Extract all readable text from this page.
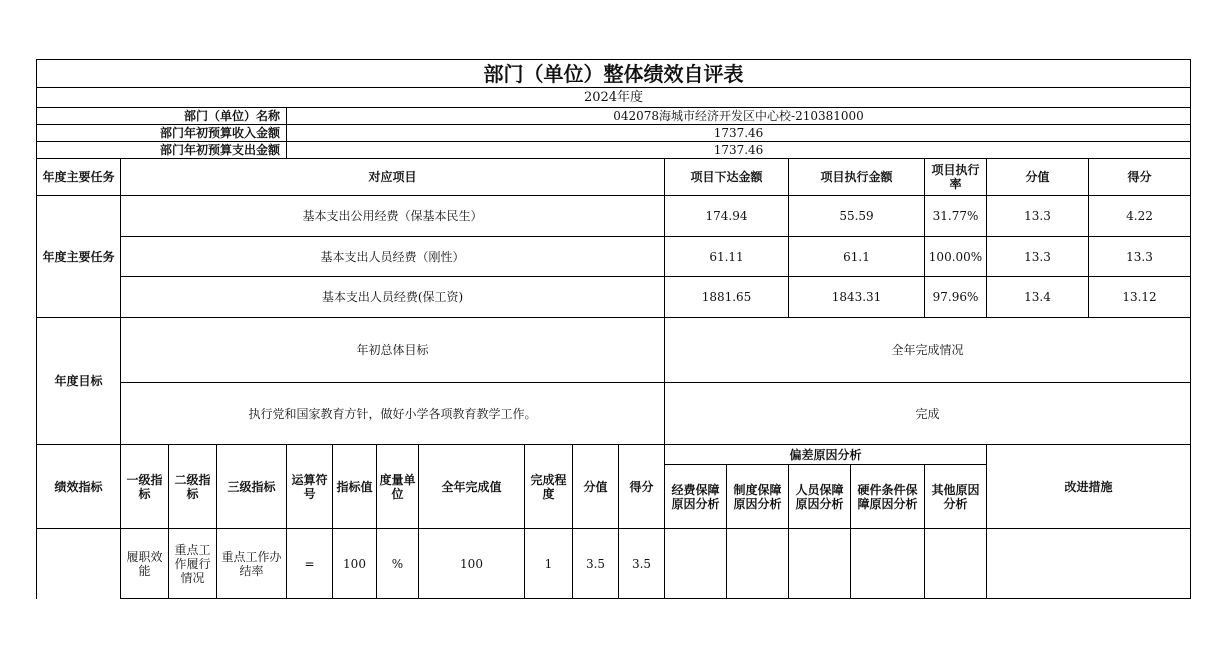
部门（单位）整体绩效自评表																	
2024年度																	
部门（单位）名称				042078海城市经济开发区中心校-210381000													
部门年初预算收入金额				1737.46													
部门年初预算支出金额				1737.46													
年度主要任务	对应项目										项目下达金额		项目执行金额		项目执行率	分值	得分
年度主要任务	基本支出公用经费（保基本民生）										174.94		55.59		31.77%	13.3	4.22
	基本支出人员经费（刚性）										61.11		61.1		100.00%	13.3	13.3
	基本支出人员经费(保工资)										1881.65		1843.31		97.96%	13.4	13.12
年度目标	年初总体目标										全年完成情况						
	执行党和国家教育方针，做好小学各项教育教学工作。										完成						
绩效指标	一级指标	二级指标	三级指标	运算符号	指标值	度量单位	全年完成值	完成程度	分值	得分	偏差原因分析					改进措施	
											经费保障原因分析	制度保障原因分析	人员保障原因分析	硬件条件保障原因分析	其他原因分析		
	履职效能	重点工作履行情况	重点工作办结率	=	100	%	100	1	3.5	3.5							
